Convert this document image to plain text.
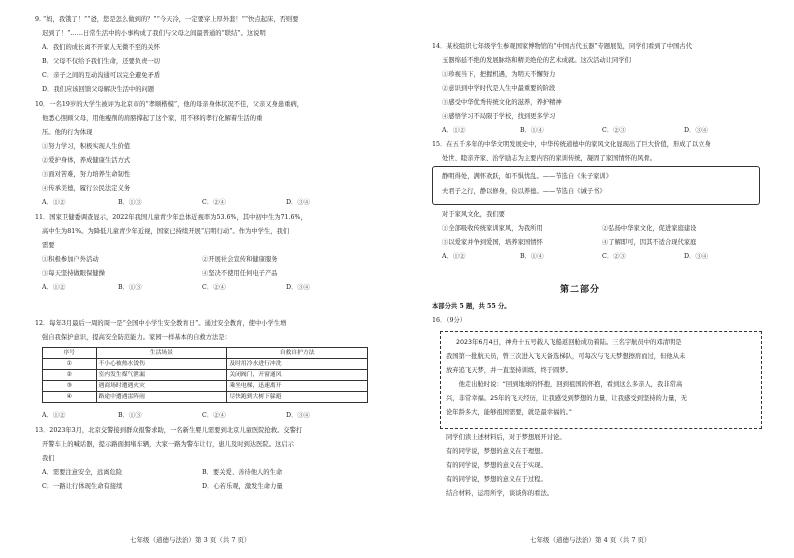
9. “妈，我饿了！”“爸，您是怎么做到的？”“今天冷，一定要穿上厚外套！”“快点起床，否则要
迟到了！”……日常生活中的小事构成了我们与父母之间最普通的“联结”。这说明
A．我们的成长离不开家人无微不至的关怀
B．父母不仅给予我们生命，还要负责一切
C．亲子之间的互动沟通可以完全避免矛盾
D．我们应该回馈父母解决生活中的问题
10．一名19岁的大学生被评为北京市的“孝顺楷模”，他的母亲身体状况不佳，父亲又身患重病，
他悉心照顾父母，用他瘦削的肩膀撑起了这个家，用不移的孝行化解着生活的重
压。他的行为体现
①努力学习，积极实现人生价值
②爱护身体，养成健康生活方式
③面对苦难，努力培养生命韧性
④传承美德，履行公民法定义务
A．①②	B．①③	C．②④	D．③④
11．国家卫健委调查显示，2022年我国儿童青少年总体近视率为53.6%，其中初中生为71.6%，
高中生为81%。为降低儿童青少年近视，国家已持续开展“启明行动”。作为中学生，我们
需要
①积极参加户外活动	②开展社会宣传和健康服务
③每天坚持做眼保健操	④坚决不使用任何电子产品
A．①②	B．①③	C．②④	D．③④
12．每年3月最后一周的周一是“全国中小学生安全教育日”。通过安全教育，使中小学生增
强自我保护意识，提高安全防范能力。家园一样基本的自救方法是：
序号	生活场景	自救自护方法
①	不小心被热水烫伤	及时用冷水进行冲洗
②	室内发生煤气泄漏	关闭阀门，开窗通风
③	遇商场时遭遇火灾	乘坐电梯，迅速离开
④	路途中遭遇雷阵雨	尽快跑到大树下躲避
A．①②	B．①③	C．②④	D．③④
13．2023年3月，北京交警接到群众报警求助，一名新生婴儿需要到北京儿童医院抢救。交警打
开警车上的喊话器，提示路面拥堵车辆，大家一路为警车让行，患儿及时到达医院。这启示
我们
A．需要注意安全，远离危险	B．要关爱、善待他人的生命
C．一路让行体现生命有接续	D．心若乐观，激发生命力量
七年级（道德与法治）第 3 页（共 7 页）
14．某校组织七年级学生参观国家博物馆的“中国古代玉器”专题展览，同学们看到了中国古代
玉器绵延不绝的发展脉络和精美绝伦的艺术成就。这次活动让同学们
①珍视当下，把握机遇，为明天不懈努力
②意识到中学时代是人生中最重要的阶段
③感受中华优秀传统文化的滋养，养护精神
④感悟学习不局限于学校，找到更多学习
A．①②	B．①④	C．②③	D．③④
15．在五千多年的中华文明发展史中，中华传统道德中的家风文化显现出了巨大价值，形成了以立身
处世、睦亲齐家、治学励志为主要内容的家训传统，凝固了家国情怀的风骨。
静明得处，满怀欢跃，如不惧忧乱。——节选自《朱子家训》
夫君子之行，静以修身，俭以养德。——节选自《诫子书》
对于家风文化，我们要
①全部吸收传统家训家风，为我所用	②弘扬中华家文化，促进家庭建设
③以爱家并争到爱国，培养家国情怀	④了解即可，因其不适合现代家庭
A．①②	B．①④	C．②③	D．③④
第二部分
本部分共 5 题，共 55 分。
16．（9分）
2023年6月4日，神舟十五号载人飞船返回舱成功着陆。三名宇航员中的邓清明是
我国第一批航天员，曾三次进入飞天备选梯队，可每次与飞天梦想擦肩而过，但他从未
放弃追飞天梦，并一直坚持训练，终于圆梦。
　　他走出舱时说：“回到地球的怀抱，回到祖国的怀抱，看到这么多亲人，我非常高
兴，非常幸福。25年的飞天经历，让我感受到梦想的力量，让我感受到坚持的力量，无
论年龄多大，能够祖国需要，就是最幸福的。”
同学们读上述材料后，对于梦想展开讨论。
有的同学说，梦想的意义在于理想。
有的同学说，梦想的意义在于实现。
有的同学说，梦想的意义在于过程。
结合材料，运用所学，谈谈你的看法。
七年级（道德与法治）第 4 页（共 7 页）
